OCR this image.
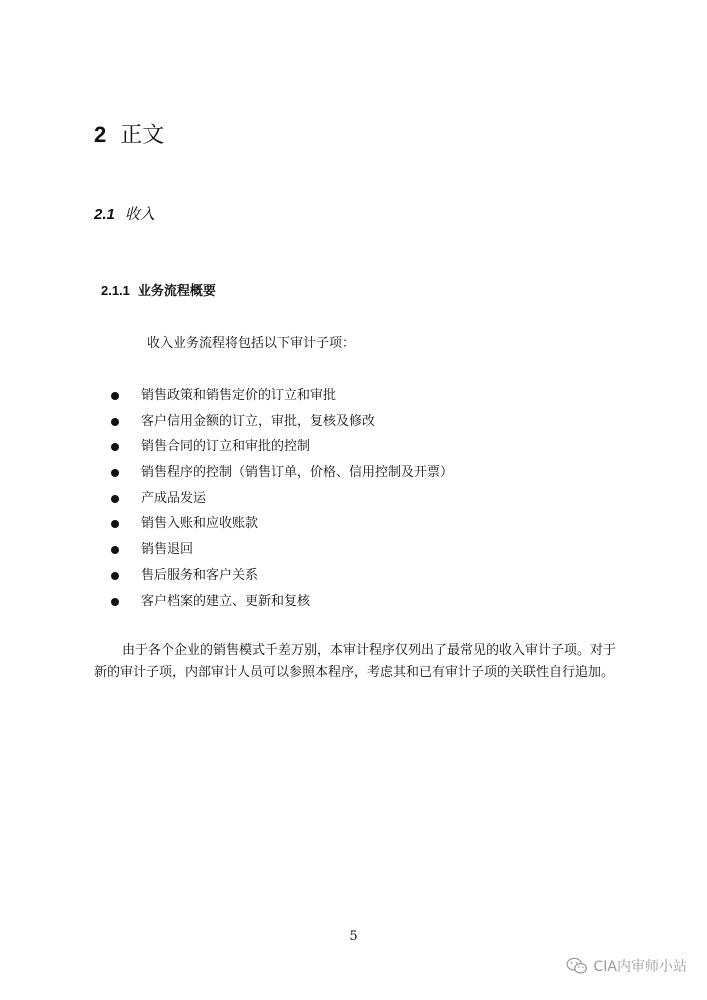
2 正文
2.1 收入
2.1.1 业务流程概要
收入业务流程将包括以下审计子项：
销售政策和销售定价的订立和审批
客户信用金额的订立，审批，复核及修改
销售合同的订立和审批的控制
销售程序的控制（销售订单，价格、信用控制及开票）
产成品发运
销售入账和应收账款
销售退回
售后服务和客户关系
客户档案的建立、更新和复核

由于各个企业的销售模式千差万别，本审计程序仅列出了最常见的收入审计子项。对于新的审计子项，内部审计人员可以参照本程序，考虑其和已有审计子项的关联性自行追加。

5
CIA内审师小站
